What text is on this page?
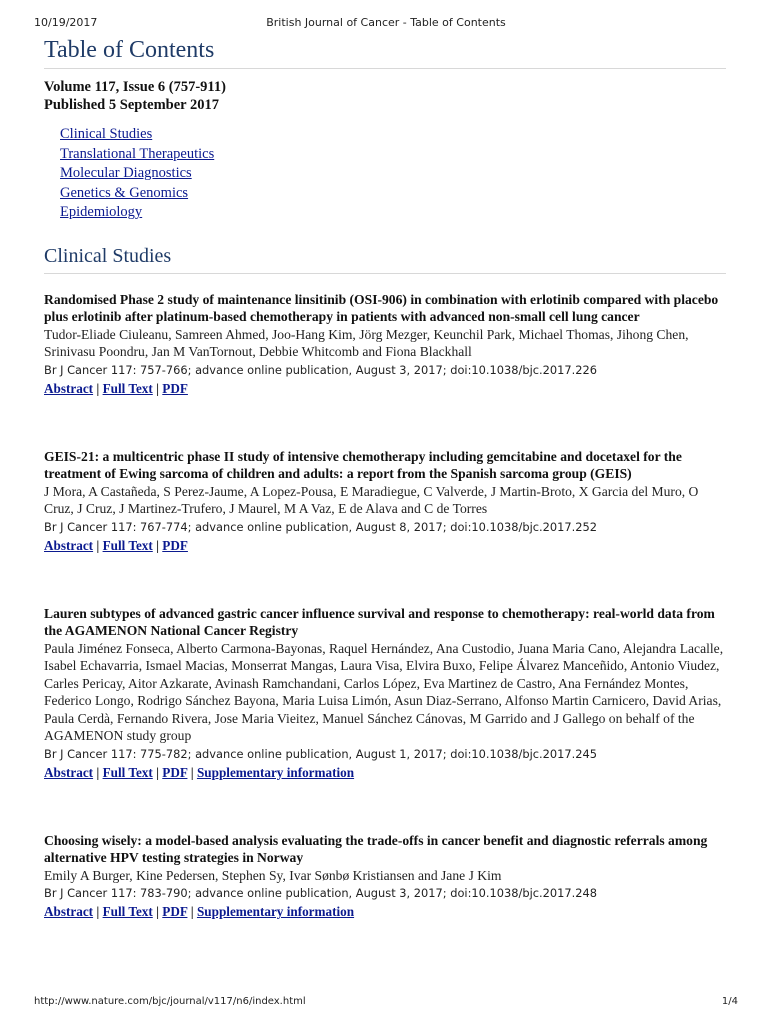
10/19/2017	British Journal of Cancer - Table of Contents
Table of Contents
Volume 117, Issue 6 (757-911)
Published 5 September 2017
Clinical Studies
Translational Therapeutics
Molecular Diagnostics
Genetics & Genomics
Epidemiology
Clinical Studies
Randomised Phase 2 study of maintenance linsitinib (OSI-906) in combination with erlotinib compared with placebo plus erlotinib after platinum-based chemotherapy in patients with advanced non-small cell lung cancer
Tudor-Eliade Ciuleanu, Samreen Ahmed, Joo-Hang Kim, Jörg Mezger, Keunchil Park, Michael Thomas, Jihong Chen, Srinivasu Poondru, Jan M VanTornout, Debbie Whitcomb and Fiona Blackhall
Br J Cancer 117: 757-766; advance online publication, August 3, 2017; doi:10.1038/bjc.2017.226
Abstract | Full Text | PDF
GEIS-21: a multicentric phase II study of intensive chemotherapy including gemcitabine and docetaxel for the treatment of Ewing sarcoma of children and adults: a report from the Spanish sarcoma group (GEIS)
J Mora, A Castañeda, S Perez-Jaume, A Lopez-Pousa, E Maradiegue, C Valverde, J Martin-Broto, X Garcia del Muro, O Cruz, J Cruz, J Martinez-Trufero, J Maurel, M A Vaz, E de Alava and C de Torres
Br J Cancer 117: 767-774; advance online publication, August 8, 2017; doi:10.1038/bjc.2017.252
Abstract | Full Text | PDF
Lauren subtypes of advanced gastric cancer influence survival and response to chemotherapy: real-world data from the AGAMENON National Cancer Registry
Paula Jiménez Fonseca, Alberto Carmona-Bayonas, Raquel Hernández, Ana Custodio, Juana Maria Cano, Alejandra Lacalle, Isabel Echavarria, Ismael Macias, Monserrat Mangas, Laura Visa, Elvira Buxo, Felipe Álvarez Manceñido, Antonio Viudez, Carles Pericay, Aitor Azkarate, Avinash Ramchandani, Carlos López, Eva Martinez de Castro, Ana Fernández Montes, Federico Longo, Rodrigo Sánchez Bayona, Maria Luisa Limón, Asun Diaz-Serrano, Alfonso Martin Carnicero, David Arias, Paula Cerdà, Fernando Rivera, Jose Maria Vieitez, Manuel Sánchez Cánovas, M Garrido and J Gallego on behalf of the AGAMENON study group
Br J Cancer 117: 775-782; advance online publication, August 1, 2017; doi:10.1038/bjc.2017.245
Abstract | Full Text | PDF | Supplementary information
Choosing wisely: a model-based analysis evaluating the trade-offs in cancer benefit and diagnostic referrals among alternative HPV testing strategies in Norway
Emily A Burger, Kine Pedersen, Stephen Sy, Ivar Sønbø Kristiansen and Jane J Kim
Br J Cancer 117: 783-790; advance online publication, August 3, 2017; doi:10.1038/bjc.2017.248
Abstract | Full Text | PDF | Supplementary information
http://www.nature.com/bjc/journal/v117/n6/index.html	1/4
